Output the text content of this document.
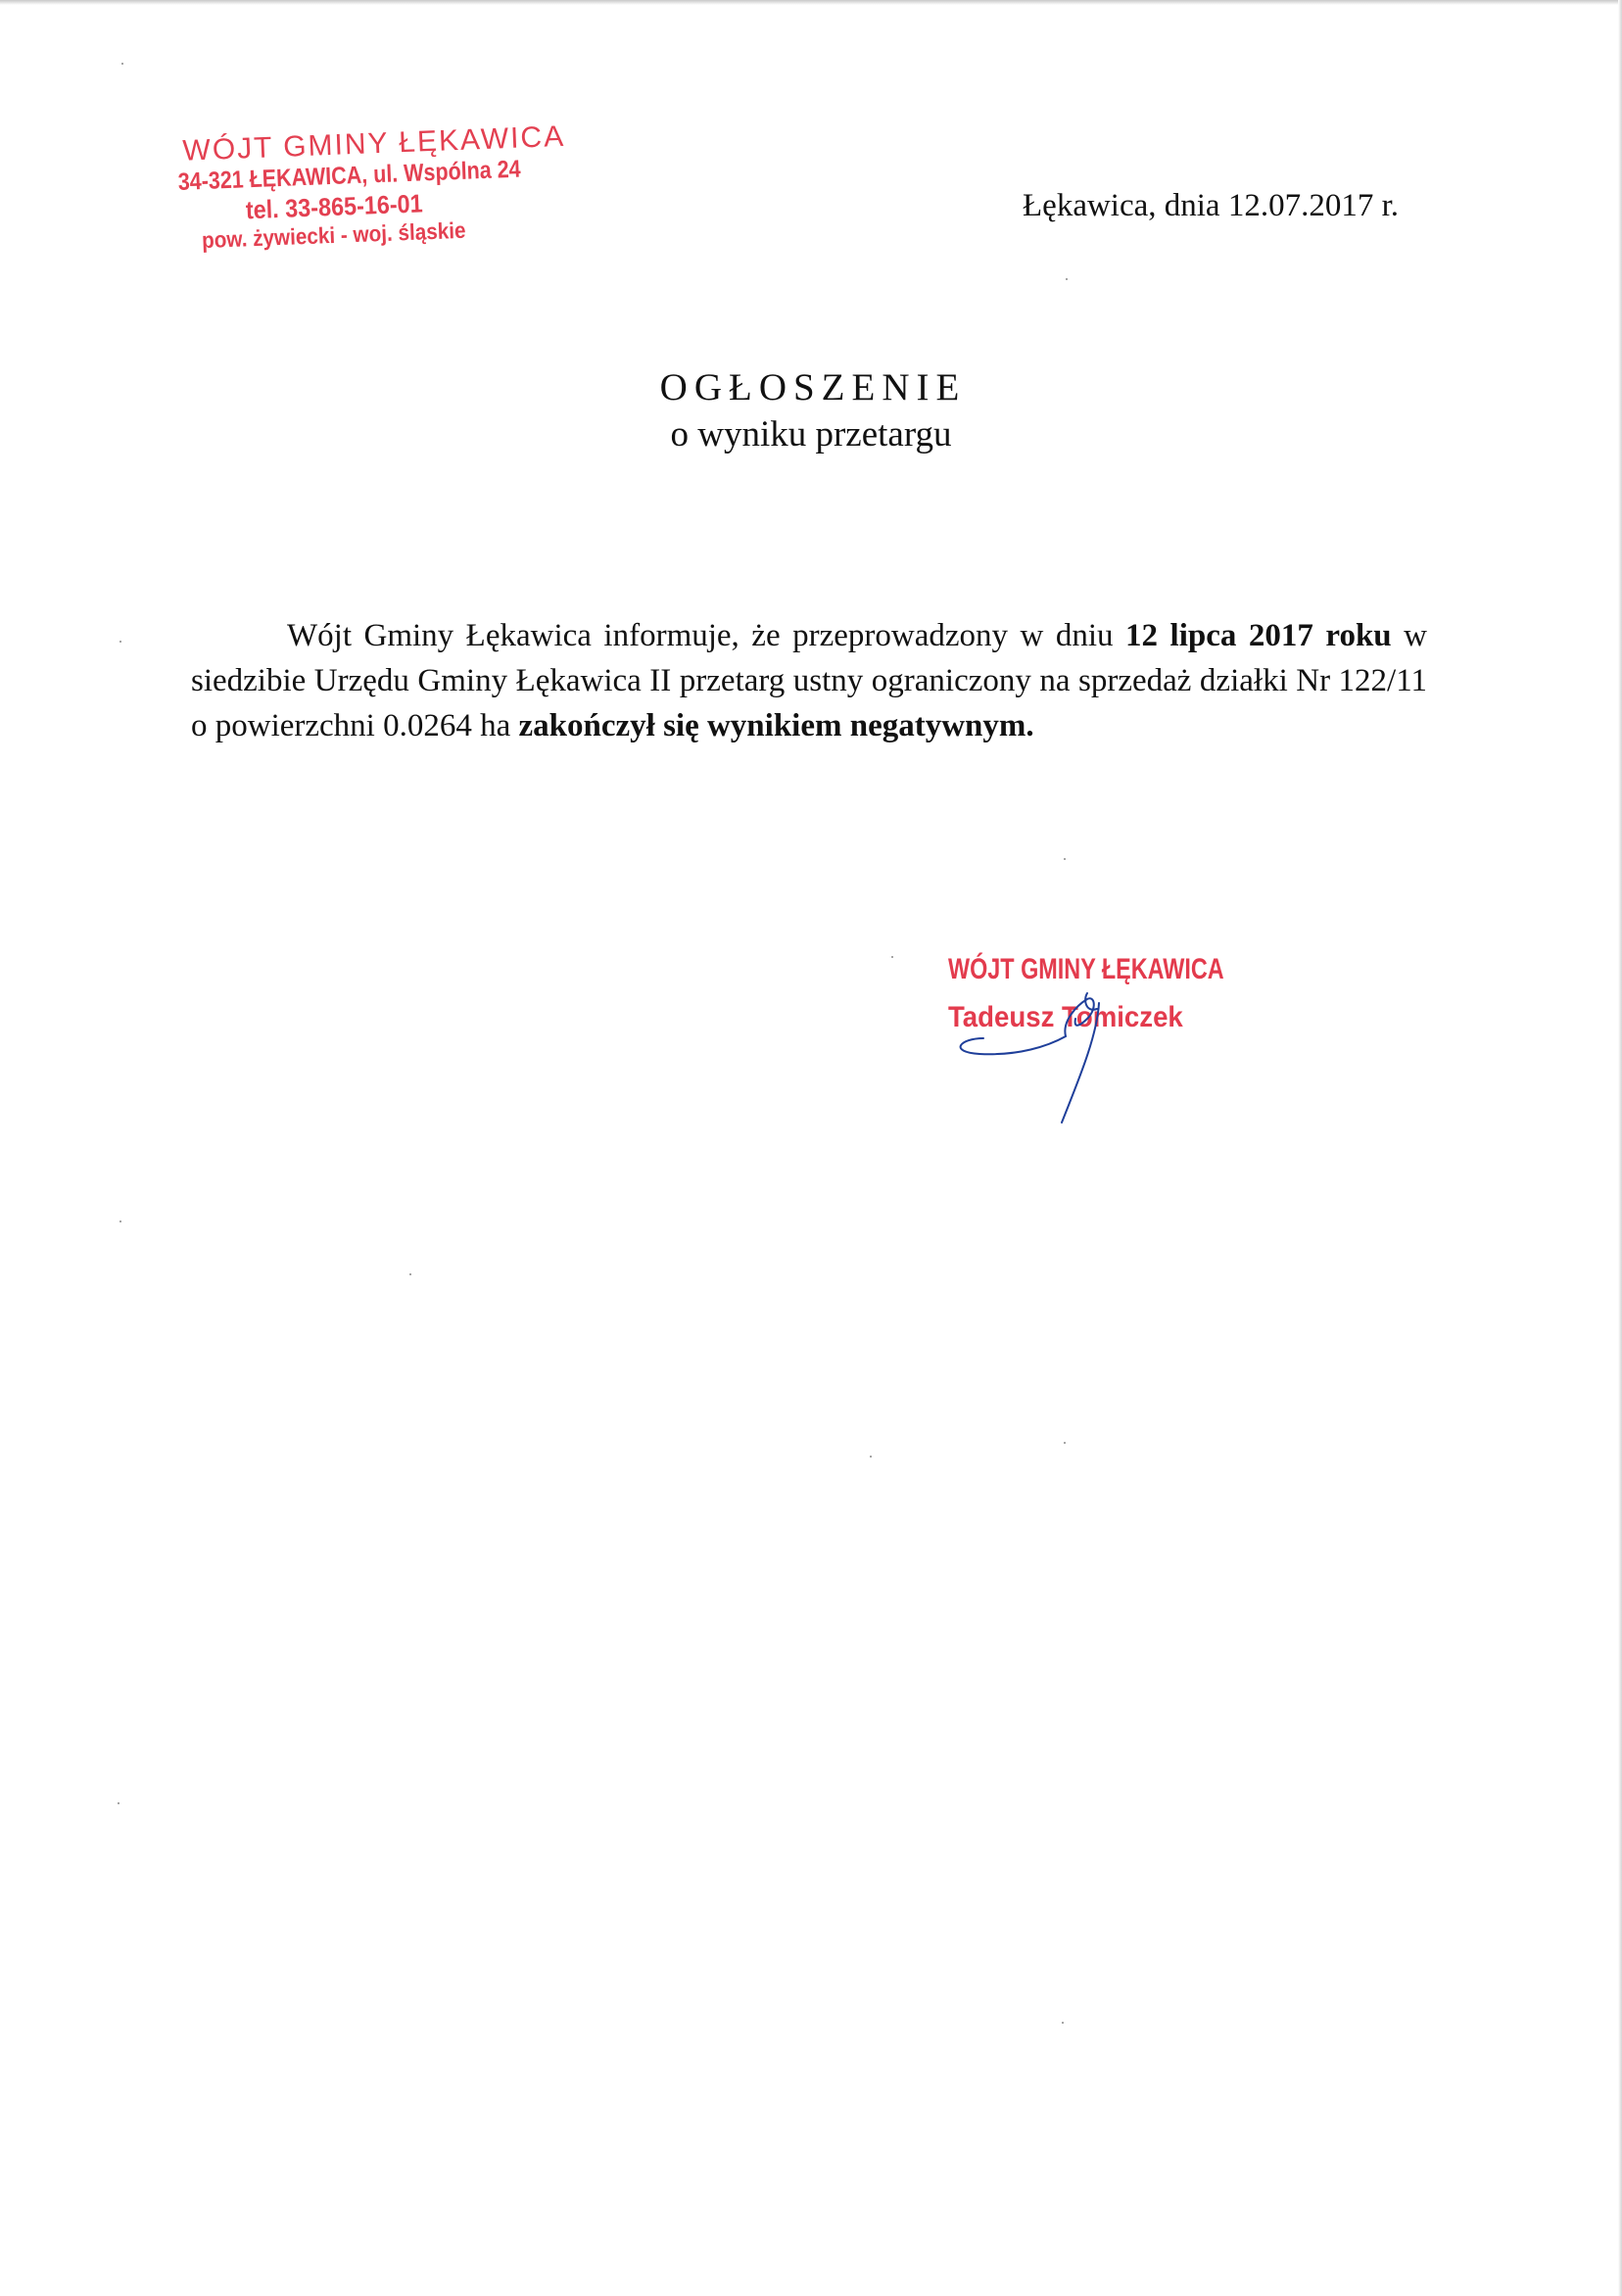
WÓJT GMINY ŁĘKAWICA
34-321 ŁĘKAWICA, ul. Wspólna 24
tel. 33-865-16-01
pow. żywiecki - woj. śląskie
Łękawica, dnia 12.07.2017 r.
OGŁOSZENIE
o wyniku przetargu
Wójt Gminy Łękawica informuje, że przeprowadzony w dniu 12 lipca 2017 roku w siedzibie Urzędu Gminy Łękawica II przetarg ustny ograniczony na sprzedaż działki Nr 122/11 o powierzchni 0.0264 ha zakończył się wynikiem negatywnym.
WÓJT GMINY ŁĘKAWICA
Tadeusz Tomiczek
